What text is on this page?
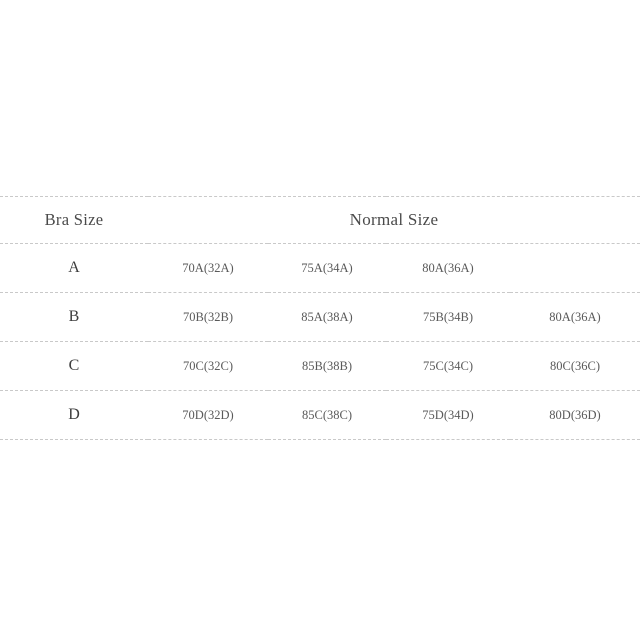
Bra Size	Normal Size			
A	70A(32A)	75A(34A)	80A(36A)	
B	70B(32B)	85A(38A)	75B(34B)	80A(36A)
C	70C(32C)	85B(38B)	75C(34C)	80C(36C)
D	70D(32D)	85C(38C)	75D(34D)	80D(36D)
